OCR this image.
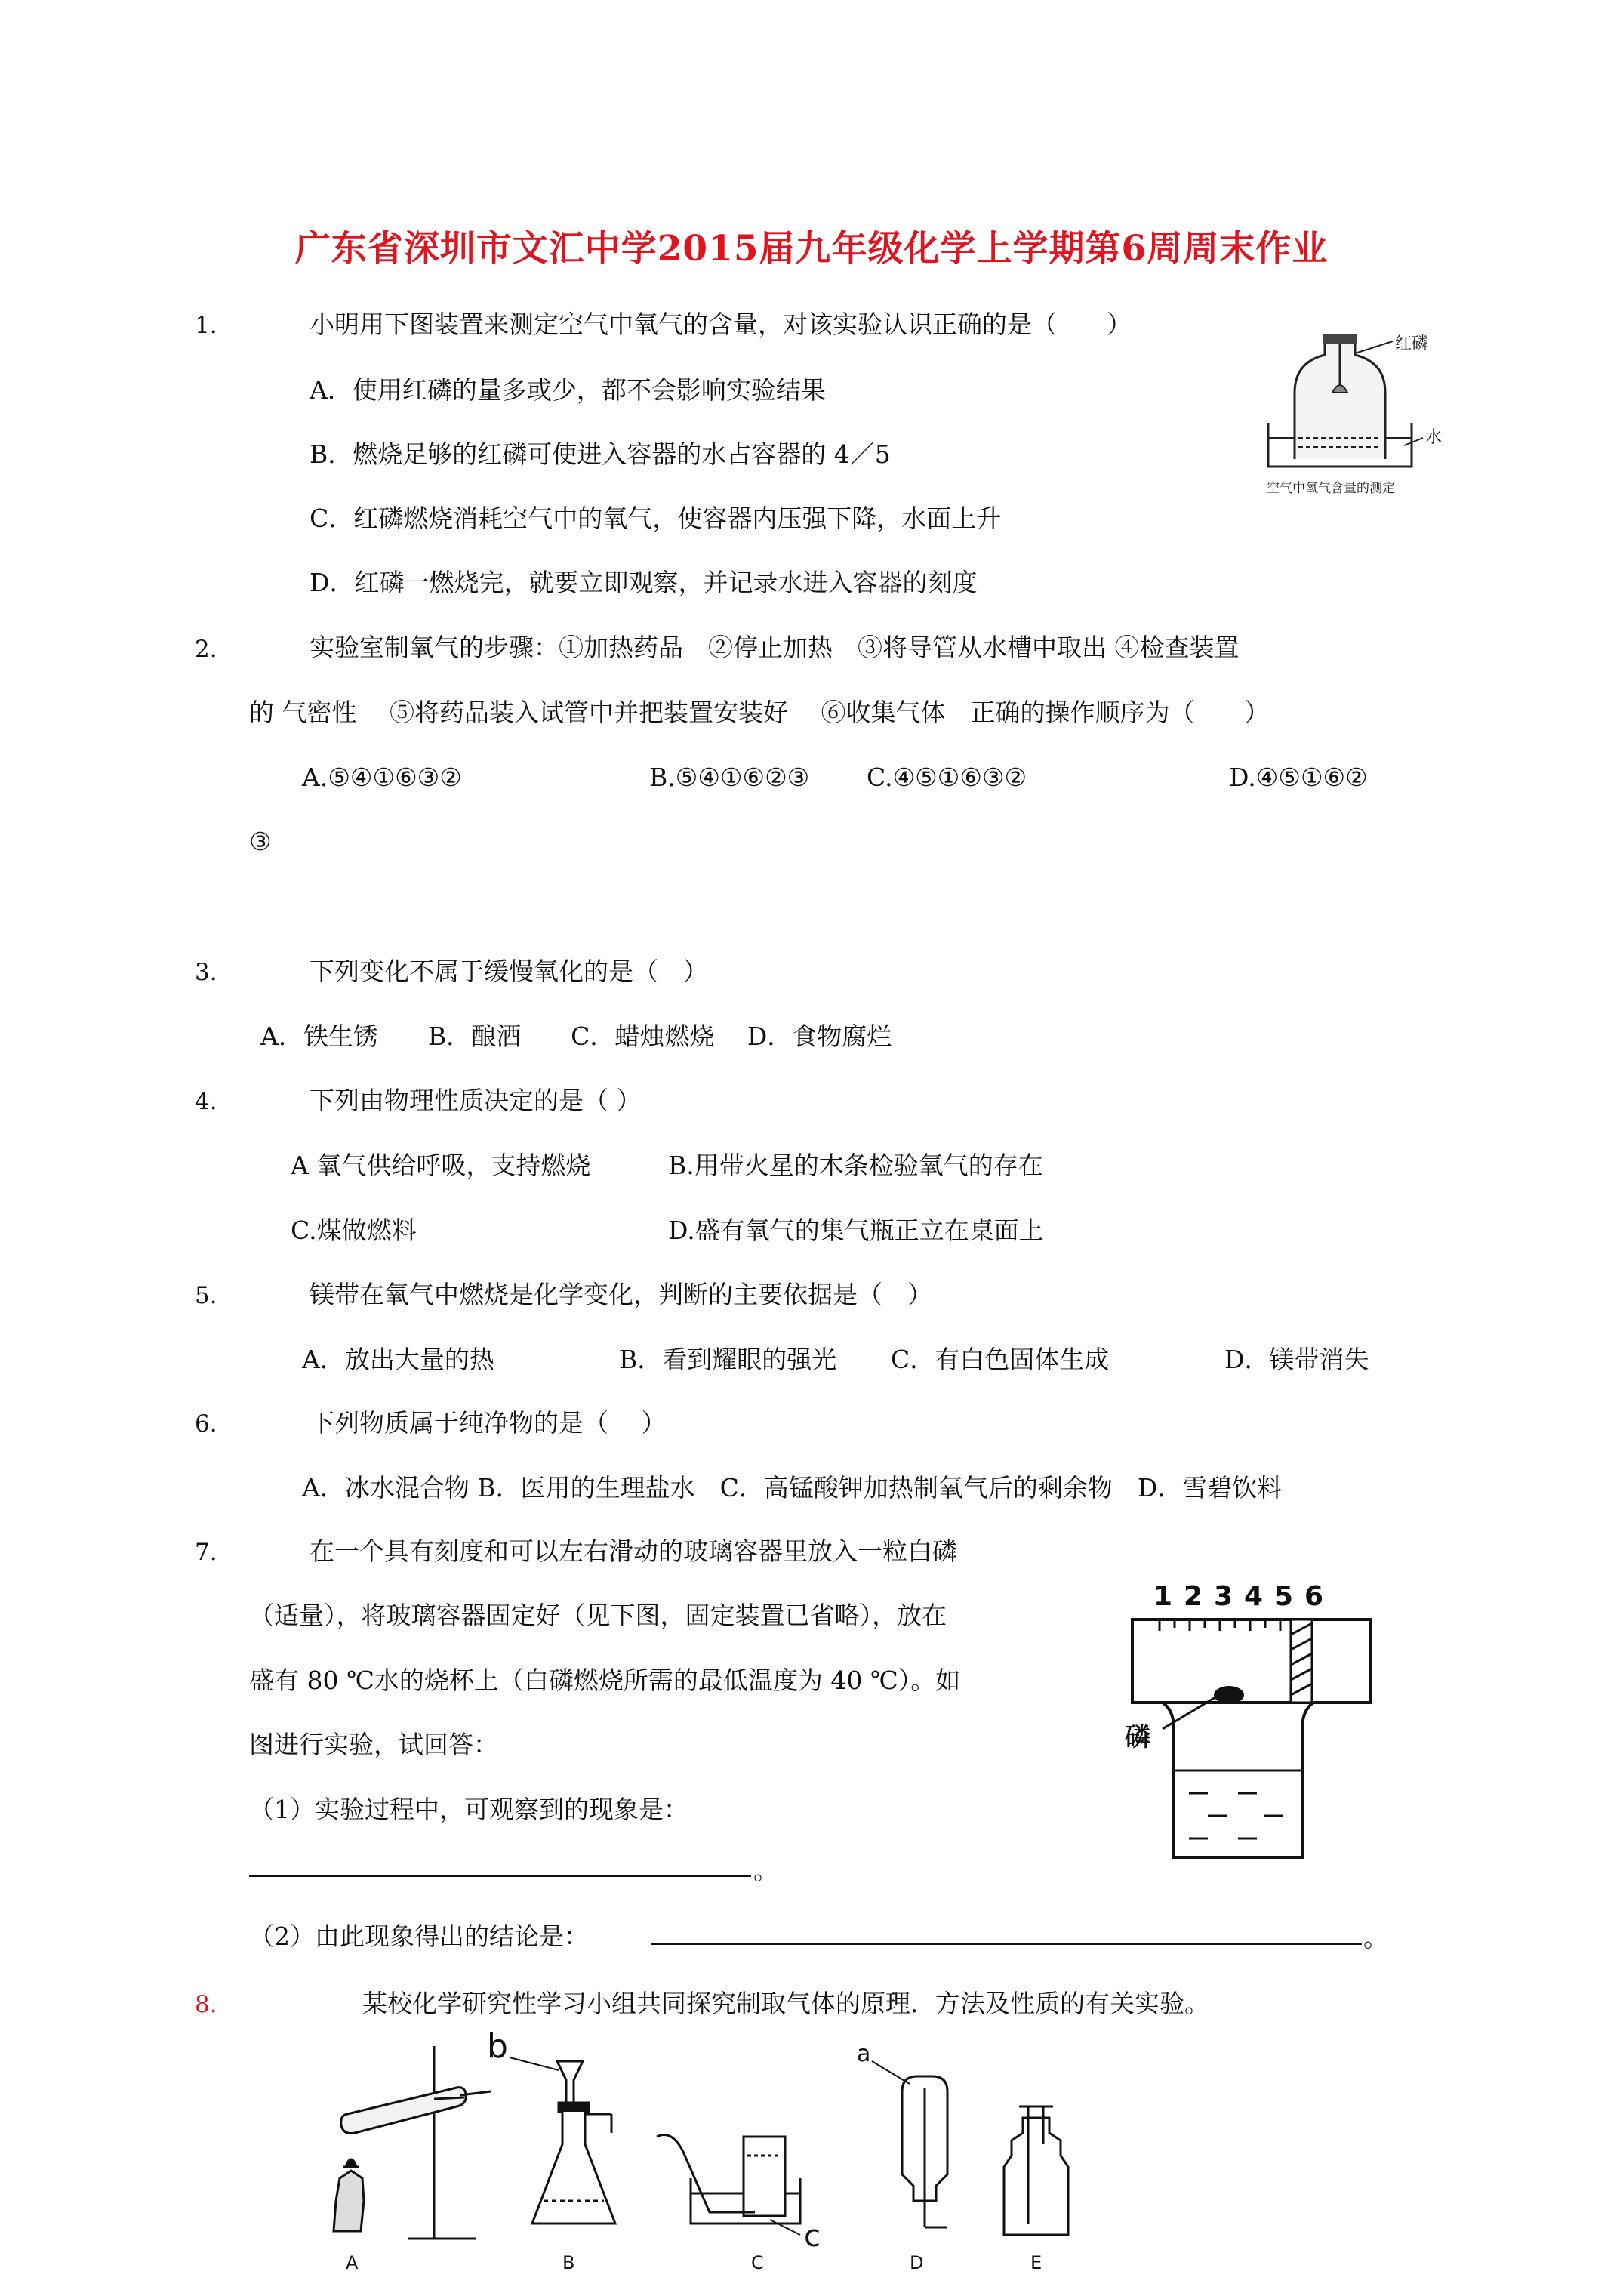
广东省深圳市文汇中学2015届九年级化学上学期第6周周末作业
1.	小明用下图装置来测定空气中氧气的含量，对该实验认识正确的是（　　）
A．使用红磷的量多或少，都不会影响实验结果
B．燃烧足够的红磷可使进入容器的水占容器的 4／5
C．红磷燃烧消耗空气中的氧气，使容器内压强下降，水面上升
D．红磷一燃烧完，就要立即观察，并记录水进入容器的刻度
红磷
水
空气中氧气含量的测定
2.	实验室制氧气的步骤：①加热药品　②停止加热　③将导管从水槽中取出 ④检查装置
的 气密性　 ⑤将药品装入试管中并把装置安装好　 ⑥收集气体　正确的操作顺序为（　　）
A.⑤④①⑥③②	B.⑤④①⑥②③ C.④⑤①⑥③②	D.④⑤①⑥②
③
3.	下列变化不属于缓慢氧化的是（　）
A．铁生锈　　B．酿酒　　C．蜡烛燃烧　 D．食物腐烂
4.	下列由物理性质决定的是（ ）
A 氧气供给呼吸，支持燃烧	B.用带火星的木条检验氧气的存在
C.煤做燃料	D.盛有氧气的集气瓶正立在桌面上
5.	镁带在氧气中燃烧是化学变化，判断的主要依据是（　）
A．放出大量的热	B．看到耀眼的强光 C．有白色固体生成	D．镁带消失
6.	下列物质属于纯净物的是（　 ）
A．冰水混合物 B．医用的生理盐水　C．高锰酸钾加热制氧气后的剩余物　D．雪碧饮料
7.	在一个具有刻度和可以左右滑动的玻璃容器里放入一粒白磷
（适量），将玻璃容器固定好（见下图，固定装置已省略），放在
盛有 80 ℃水的烧杯上（白磷燃烧所需的最低温度为 40 ℃）。如
图进行实验，试回答：
（1）实验过程中，可观察到的现象是：
。
（2）由此现象得出的结论是：	。
1 2 3 4 5 6
磷
8.	某校化学研究性学习小组共同探究制取气体的原理．方法及性质的有关实验。
A
b
B
c
C
a
D	E
